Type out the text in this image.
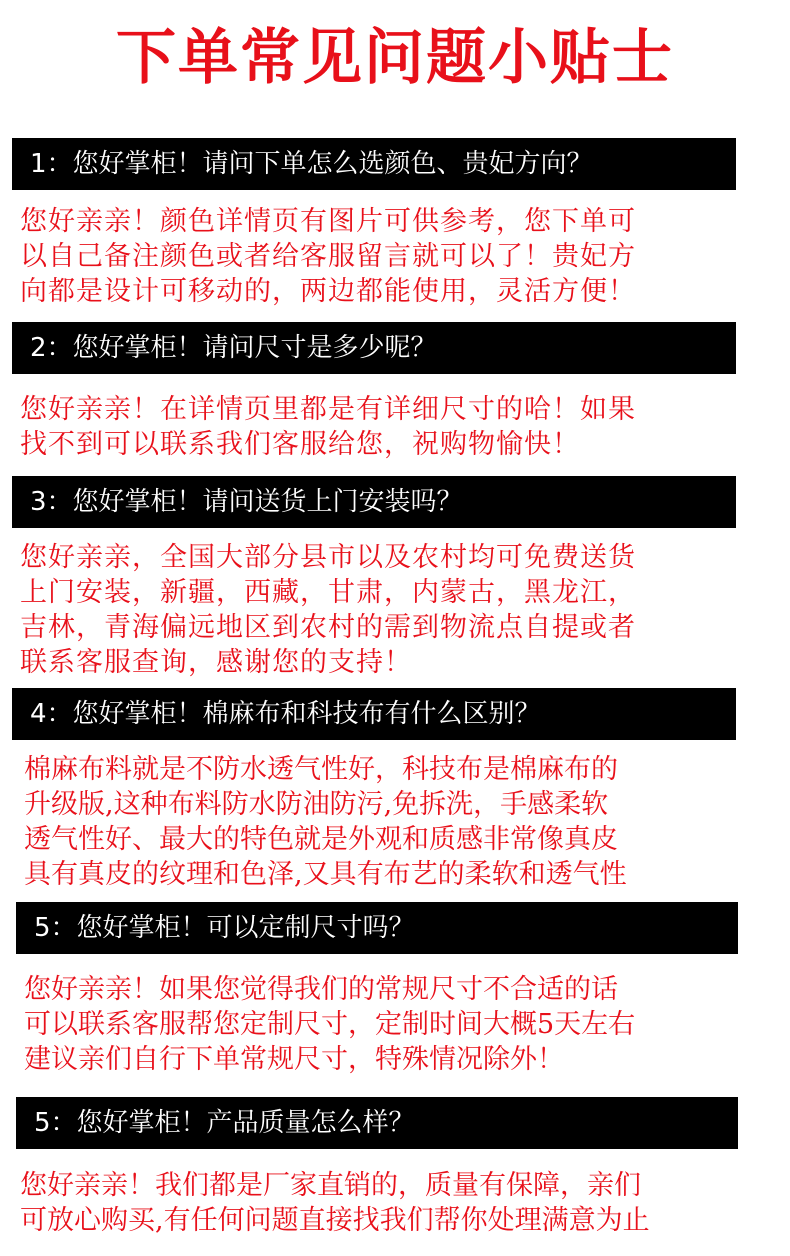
下单常见问题小贴士
1：您好掌柜！请问下单怎么选颜色、贵妃方向？
您好亲亲！颜色详情页有图片可供参考，您下单可
以自己备注颜色或者给客服留言就可以了！贵妃方
向都是设计可移动的，两边都能使用，灵活方便！
2：您好掌柜！请问尺寸是多少呢？
您好亲亲！在详情页里都是有详细尺寸的哈！如果
找不到可以联系我们客服给您，祝购物愉快！
3：您好掌柜！请问送货上门安装吗？
您好亲亲，全国大部分县市以及农村均可免费送货
上门安装，新疆，西藏，甘肃，内蒙古，黑龙江，
吉林，青海偏远地区到农村的需到物流点自提或者
联系客服查询，感谢您的支持！
4：您好掌柜！棉麻布和科技布有什么区别？
棉麻布料就是不防水透气性好，科技布是棉麻布的
升级版,这种布料防水防油防污,免拆洗，手感柔软
透气性好、最大的特色就是外观和质感非常像真皮
具有真皮的纹理和色泽,又具有布艺的柔软和透气性
5：您好掌柜！可以定制尺寸吗？
您好亲亲！如果您觉得我们的常规尺寸不合适的话
可以联系客服帮您定制尺寸，定制时间大概5天左右
建议亲们自行下单常规尺寸，特殊情况除外！
5：您好掌柜！产品质量怎么样？
您好亲亲！我们都是厂家直销的，质量有保障，亲们
可放心购买,有任何问题直接找我们帮你处理满意为止
